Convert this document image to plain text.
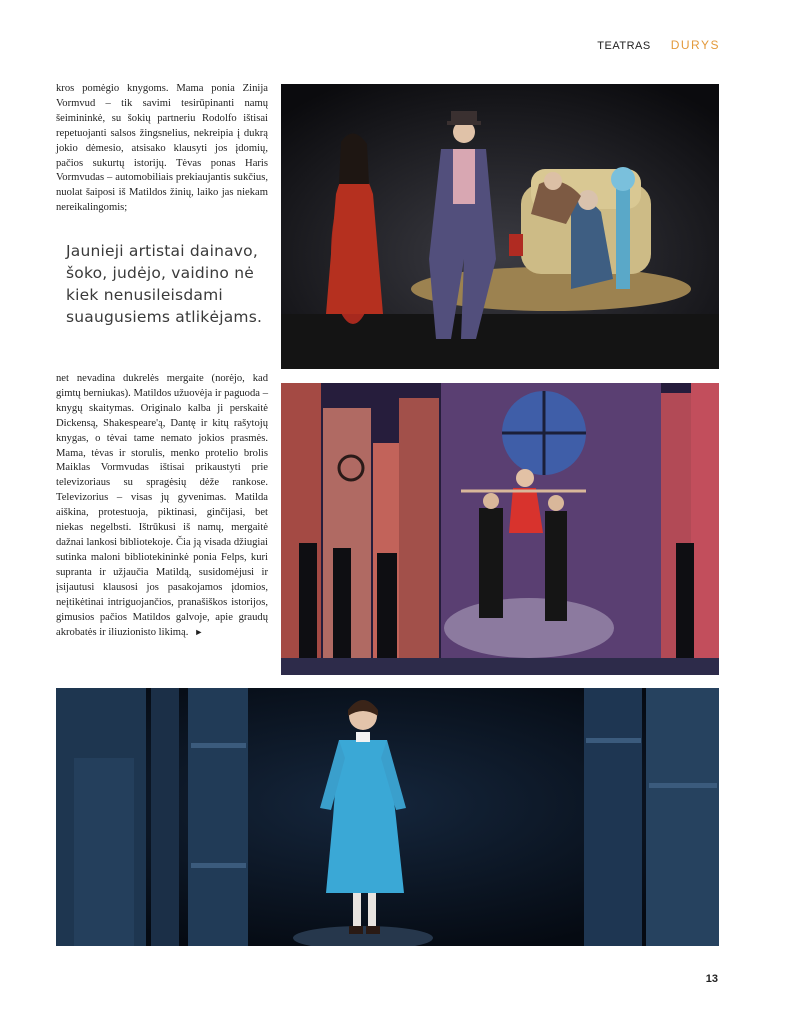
TEATRAS DURYS

kros pomėgio knygoms. Mama ponia Zinija Vormvud – tik savimi tesirūpinanti namų šeimininkė, su šokių partneriu Rodolfo ištisai repetuojanti salsos žingsnelius, nekreipia į dukrą jokio dėmesio, atsisako klausyti jos įdomių, pačios sukurtų istorijų. Tėvas ponas Haris Vormvudas – automobiliais prekiaujantis sukčius, nuolat šaiposi iš Matildos žinių, laiko jas niekam nereikalingomis;

Jaunieji artistai dainavo, šoko, judėjo, vaidino nė kiek nenusileisdami suaugusiems atlikėjams.

net nevadina dukrelės mergaite (norėjo, kad gimtų berniukas). Matildos užuovėja ir paguoda – knygų skaitymas. Originalo kalba ji perskaitė Dickensą, Shakespeare'ą, Dantę ir kitų rašytojų knygas, o tėvai tame nemato jokios prasmės. Mama, tėvas ir storulis, menko protelio brolis Maiklas Vormvudas ištisai prikaustyti prie televizoriaus su spragėsių dėže rankose. Televizorius – visas jų gyvenimas. Matilda aiškina, protestuoja, piktinasi, ginčijasi, bet niekas negelbsti. Ištrūkusi iš namų, mergaitė dažnai lankosi bibliotekoje. Čia ją visada džiugiai sutinka maloni bibliotekininkė ponia Felps, kuri supranta ir užjaučia Matildą, susidomėjusi ir įsijautusi klausosi jos pasakojamos įdomios, neįtikėtinai intriguojančios, pranašiškos istorijos, gimusios pačios Matildos galvoje, apie graudų akrobatės ir iliuzionisto likimą. ►

13
